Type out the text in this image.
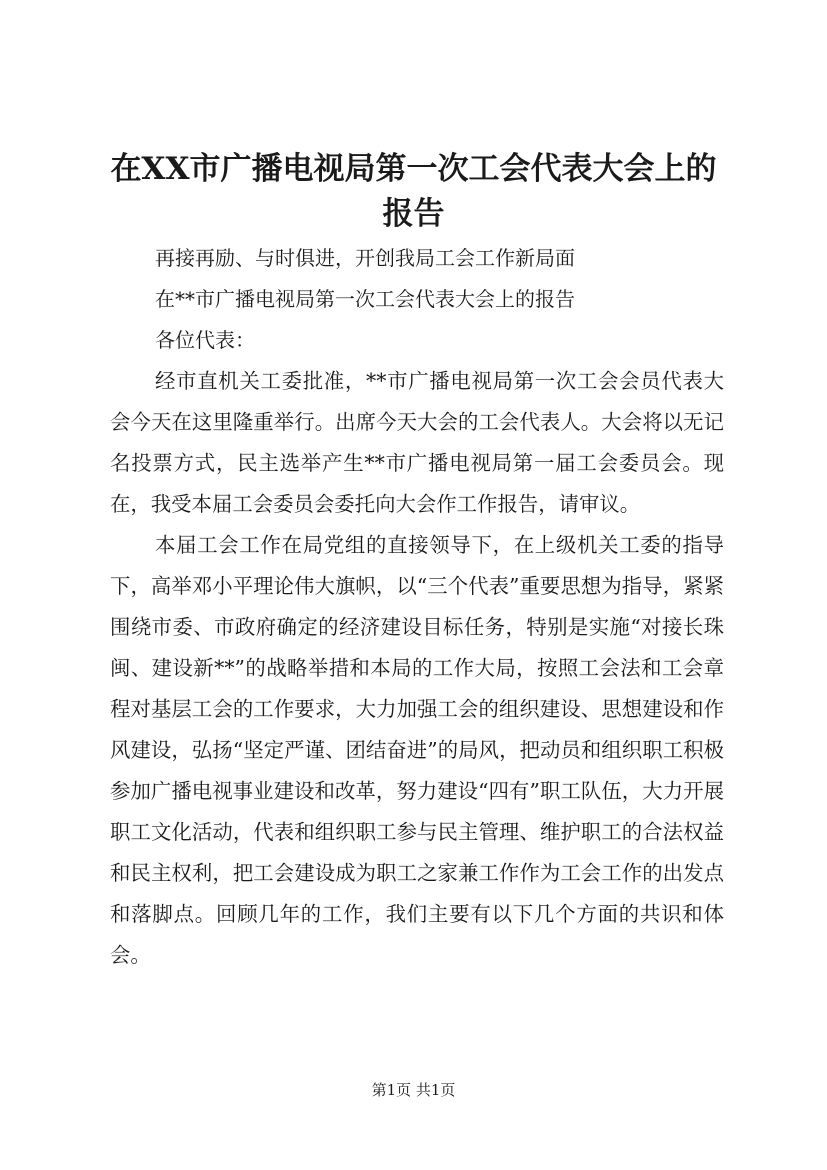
在XX市广播电视局第一次工会代表大会上的报告

再接再励、与时俱进，开创我局工会工作新局面

在**市广播电视局第一次工会代表大会上的报告

各位代表：

经市直机关工委批准，**市广播电视局第一次工会会员代表大会今天在这里隆重举行。出席今天大会的工会代表人。大会将以无记名投票方式，民主选举产生**市广播电视局第一届工会委员会。现在，我受本届工会委员会委托向大会作工作报告，请审议。

本届工会工作在局党组的直接领导下，在上级机关工委的指导下，高举邓小平理论伟大旗帜，以“三个代表”重要思想为指导，紧紧围绕市委、市政府确定的经济建设目标任务，特别是实施“对接长珠闽、建设新**”的战略举措和本局的工作大局，按照工会法和工会章程对基层工会的工作要求，大力加强工会的组织建设、思想建设和作风建设，弘扬“坚定严谨、团结奋进”的局风，把动员和组织职工积极参加广播电视事业建设和改革，努力建设“四有”职工队伍，大力开展职工文化活动，代表和组织职工参与民主管理、维护职工的合法权益和民主权利，把工会建设成为职工之家兼工作作为工会工作的出发点和落脚点。回顾几年的工作，我们主要有以下几个方面的共识和体会。

第1页 共1页
